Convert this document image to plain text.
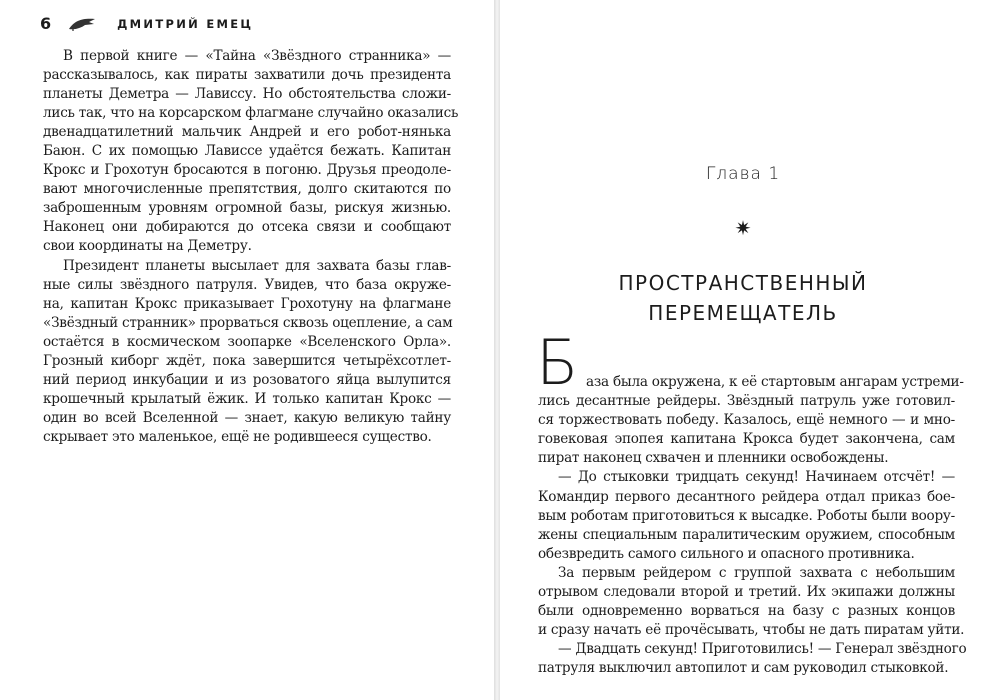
6	ДМИТРИЙ ЕМЕЦ
В первой книге — «Тайна «Звёздного странника» —
рассказывалось, как пираты захватили дочь президента
планеты Деметра — Лависсу. Но обстоятельства сложи-
лись так, что на корсарском флагмане случайно оказались
двенадцатилетний мальчик Андрей и его робот-нянька
Баюн. С их помощью Лависсе удаётся бежать. Капитан
Крокс и Грохотун бросаются в погоню. Друзья преодоле-
вают многочисленные препятствия, долго скитаются по
заброшенным уровням огромной базы, рискуя жизнью.
Наконец они добираются до отсека связи и сообщают
свои координаты на Деметру.
Президент планеты высылает для захвата базы глав-
ные силы звёздного патруля. Увидев, что база окруже-
на, капитан Крокс приказывает Грохотуну на флагмане
«Звёздный странник» прорваться сквозь оцепление, а сам
остаётся в космическом зоопарке «Вселенского Орла».
Грозный киборг ждёт, пока завершится четырёхсотлет-
ний период инкубации и из розоватого яйца вылупится
крошечный крылатый ёжик. И только капитан Крокс —
один во всей Вселенной — знает, какую великую тайну
скрывает это маленькое, ещё не родившееся существо.
Глава 1
✷
ПРОСТРАНСТВЕННЫЙ
ПЕРЕМЕЩАТЕЛЬ
Б аза была окружена, к её стартовым ангарам устреми-
лись десантные рейдеры. Звёздный патруль уже готовил-
ся торжествовать победу. Казалось, ещё немного — и мно-
говековая эпопея капитана Крокса будет закончена, сам
пират наконец схвачен и пленники освобождены.
— До стыковки тридцать секунд! Начинаем отсчёт! —
Командир первого десантного рейдера отдал приказ бое-
вым роботам приготовиться к высадке. Роботы были воору-
жены специальным паралитическим оружием, способным
обезвредить самого сильного и опасного противника.
За первым рейдером с группой захвата с небольшим
отрывом следовали второй и третий. Их экипажи должны
были одновременно ворваться на базу с разных концов
и сразу начать её прочёсывать, чтобы не дать пиратам уйти.
— Двадцать секунд! Приготовились! — Генерал звёздного
патруля выключил автопилот и сам руководил стыковкой.
